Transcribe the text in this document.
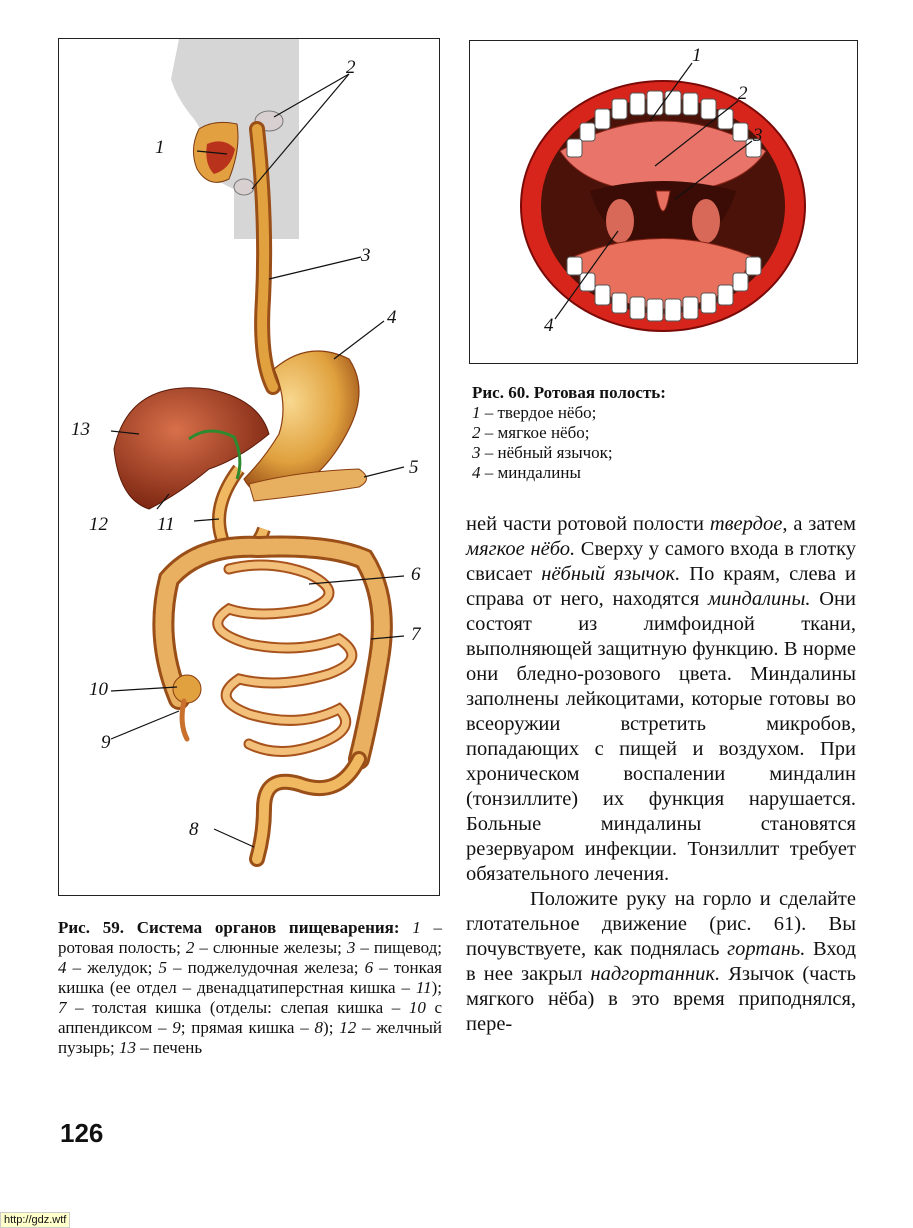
1
2
3
4
5
6
7
8
9
10
11
12
13
1
2
3
4
Рис. 60. Ротовая полость:
1 – твердое нёбо;
2 – мягкое нёбо;
3 – нёбный язычок;
4 – миндалины

ней части ротовой полости твердое, а затем мягкое нёбо. Сверху у самого входа в глотку свисает нёбный язычок. По краям, слева и справа от него, находятся миндалины. Они состоят из лимфоидной ткани, выполняющей защитную функцию. В норме они бледно-розового цвета. Миндалины заполнены лейкоцитами, которые готовы во всеоружии встретить микробов, попадающих с пищей и воздухом. При хроническом воспалении миндалин (тонзиллите) их функция нарушается. Больные миндалины становятся резервуаром инфекции. Тонзиллит требует обязательного лечения.

Положите руку на горло и сделайте глотательное движение (рис. 61). Вы почувствуете, как поднялась гортань. Вход в нее закрыл надгортанник. Язычок (часть мягкого нёба) в это время приподнялся, пере-

Рис. 59. Система органов пищеварения: 1 – ротовая полость; 2 – слюнные железы; 3 – пищевод; 4 – желудок; 5 – поджелудочная железа; 6 – тонкая кишка (ее отдел – двенадцатиперстная кишка – 11); 7 – толстая кишка (отделы: слепая кишка – 10 с аппендиксом – 9; прямая кишка – 8); 12 – желчный пузырь; 13 – печень
126
http://gdz.wtf
